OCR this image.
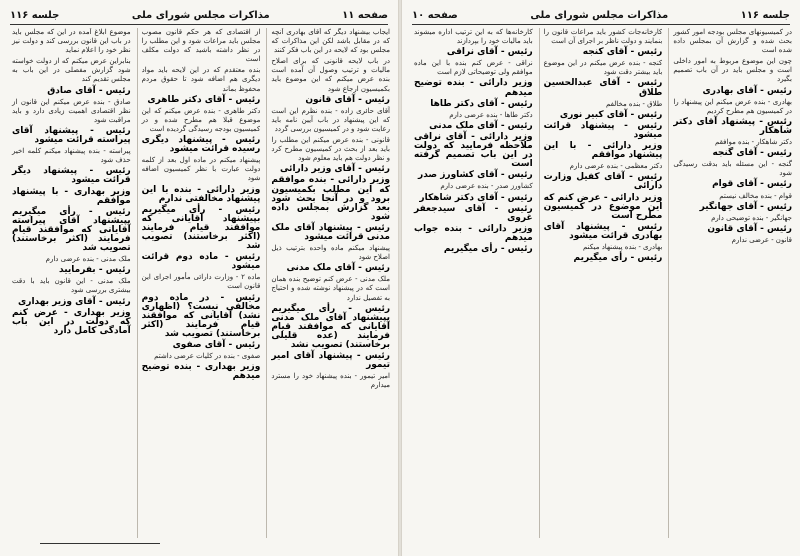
صفحه ۱۱
مذاکرات مجلس شورای ملی
جلسه ۱۱۶

ایجاب بیشنهاد دیگر که آقای بهادری آنچه که در مقابل باشد لکن این مذاکرات که مجلس بود که لایحه در این باب فکر کنند

در باب لایحه قانونی که برای اصلاح مالیات و ترتیب وصول آن آمده است بنده عرض میکنم که این موضوع باید بکمیسیون ارجاع شود

رئیس - آقای قانون

آقای حائری زاده - بنده نظرم این است که این پیشنهاد در باب آیین نامه باید رعایت شود و در کمیسیون بررسی گردد

قانونی - بنده عرض میکنم این مطلب را باید بعد از بحث در کمیسیون مطرح کرد و نظر دولت هم باید معلوم شود

رئیس - آقای وزیر دارائی

وزیر دارائی - بنده موافقم که این مطلب بکمیسیون برود و در آنجا بحث شود بعد گزارش بمجلس داده شود

رئیس - پیشنهاد آقای ملک مدنی قرائت میشود

پیشنهاد میکنم ماده واحده بترتیب ذیل اصلاح شود

رئیس - آقای ملک مدنی

ملک مدنی - عرض کنم توضیح بنده همان است که در پیشنهاد نوشته شده و احتیاج به تفصیل ندارد

رئیس - رأی میگیریم بپیشنهاد آقای ملک مدنی آقایانی که موافقند قیام فرمایند (عده قلیلی برخاستند) تصویب نشد

رئیس - پیشنهاد آقای امیر تیمور

امیر تیمور - بنده پیشنهاد خود را مسترد میدارم

از اقتصادی که هر حکم قانون مصوب مجلس باید مراعات شود و این مطلب را در نظر داشته باشید که دولت مکلف است

بنده معتقدم که در این لایحه باید مواد دیگری هم اضافه شود تا حقوق مردم محفوظ بماند

رئیس - آقای دکتر طاهری

دکتر طاهری - بنده عرض میکنم که این موضوع قبلا هم مطرح شده و در کمیسیون بودجه رسیدگی گردیده است

رئیس - پیشنهاد دیگری رسیده قرائت میشود

پیشنهاد میکنم در ماده اول بعد از کلمه دولت عبارت با نظر کمیسیون اضافه شود

وزیر دارائی - بنده با این پیشنهاد مخالفتی ندارم

رئیس - رأی میگیریم بپیشنهاد آقایانی که موافقند قیام فرمایند (اکثر برخاستند) تصویب شد

رئیس - ماده دوم قرائت میشود

ماده ۲ - وزارت دارائی مأمور اجرای این قانون است

رئیس - در ماده دوم مخالفی نیست؟ (اظهاری نشد) آقایانی که موافقند قیام فرمایند (اکثر برخاستند) تصویب شد

رئیس - آقای صفوی

صفوی - بنده در کلیات عرضی داشتم

وزیر بهداری - بنده توضیح میدهم

موضوع ابلاغ آمده در این که مجلس باید در باب این قانون بررسی کند و دولت نیز نظر خود را اعلام نماید

بنابراین عرض میکنم که از دولت خواسته شود گزارش مفصلی در این باب به مجلس تقدیم کند

رئیس - آقای صادق

صادق - بنده عرض میکنم این قانون از نظر اقتصادی اهمیت زیادی دارد و باید مراقبت شود

رئیس - پیشنهاد آقای پیراسته قرائت میشود

پیراسته - بنده پیشنهاد میکنم کلمه اخیر حذف شود

رئیس - پیشنهاد دیگر قرائت میشود

وزیر بهداری - با پیشنهاد موافقم

رئیس - رأی میگیریم بپیشنهاد آقای پیراسته آقایانی که موافقند قیام فرمایند (اکثر برخاستند) تصویب شد

ملک مدنی - بنده عرضی دارم

رئیس - بفرمایید

ملک مدنی - این قانون باید با دقت بیشتری بررسی شود

رئیس - آقای وزیر بهداری

وزیر بهداری - عرض کنم که دولت در این باب آمادگی کامل دارد

جلسه ۱۱۶
مذاکرات مجلس شورای ملی
صفحه ۱۰

در کمیسیونهای مجلس بودجه امور کشور بحث شده و گزارش آن بمجلس داده شده است

چون این موضوع مربوط به امور داخلی است و مجلس باید در آن باب تصمیم بگیرد

رئیس - آقای بهادری

بهادری - بنده عرض میکنم این پیشنهاد را در کمیسیون هم مطرح کردیم

رئیس - پیشنهاد آقای دکتر شاهکار

دکتر شاهکار - بنده موافقم

رئیس - آقای گنجه

گنجه - این مسئله باید بدقت رسیدگی شود

رئیس - آقای قوام

قوام - بنده مخالف نیستم

رئیس - آقای جهانگیر

جهانگیر - بنده توضیحی دارم

رئیس - آقای قانون

قانون - عرضی ندارم

کارخانه‌جات کشور باید مراعات قانون را بنمایند و دولت ناظر بر اجرای آن است

رئیس - آقای کنجه

کنجه - بنده عرض میکنم در این موضوع باید بیشتر دقت شود

رئیس - آقای عبدالحسین طلاق

طلاق - بنده مخالفم

رئیس - آقای کبیر نوری

رئیس - پیشنهاد قرائت میشود

وزیر دارائی - با این پیشنهاد موافقم

دکتر معظمی - بنده عرضی دارم

رئیس - آقای کفیل وزارت دارائی

وزیر دارائی - عرض کنم که این موضوع در کمیسیون مطرح است

رئیس - پیشنهاد آقای بهادری قرائت میشود

بهادری - بنده پیشنهاد میکنم

رئیس - رأی میگیریم

کارخانه‌ها که به این ترتیب اداره میشوند باید مالیات خود را بپردازند

رئیس - آقای نراقی

نراقی - عرض کنم بنده با این ماده موافقم ولی توضیحاتی لازم است

وزیر دارائی - بنده توضیح میدهم

رئیس - آقای دکتر طاها

دکتر طاها - بنده عرضی دارم

رئیس - آقای ملک مدنی

وزیر دارائی - آقای نراقی ملاحظه فرمایید که دولت در این باب تصمیم گرفته است

رئیس - آقای کشاورز صدر

کشاورز صدر - بنده عرضی دارم

رئیس - آقای دکتر شاهکار

رئیس - آقای سیدجعفر غروی

وزیر دارائی - بنده جواب میدهم

رئیس - رأی میگیریم
